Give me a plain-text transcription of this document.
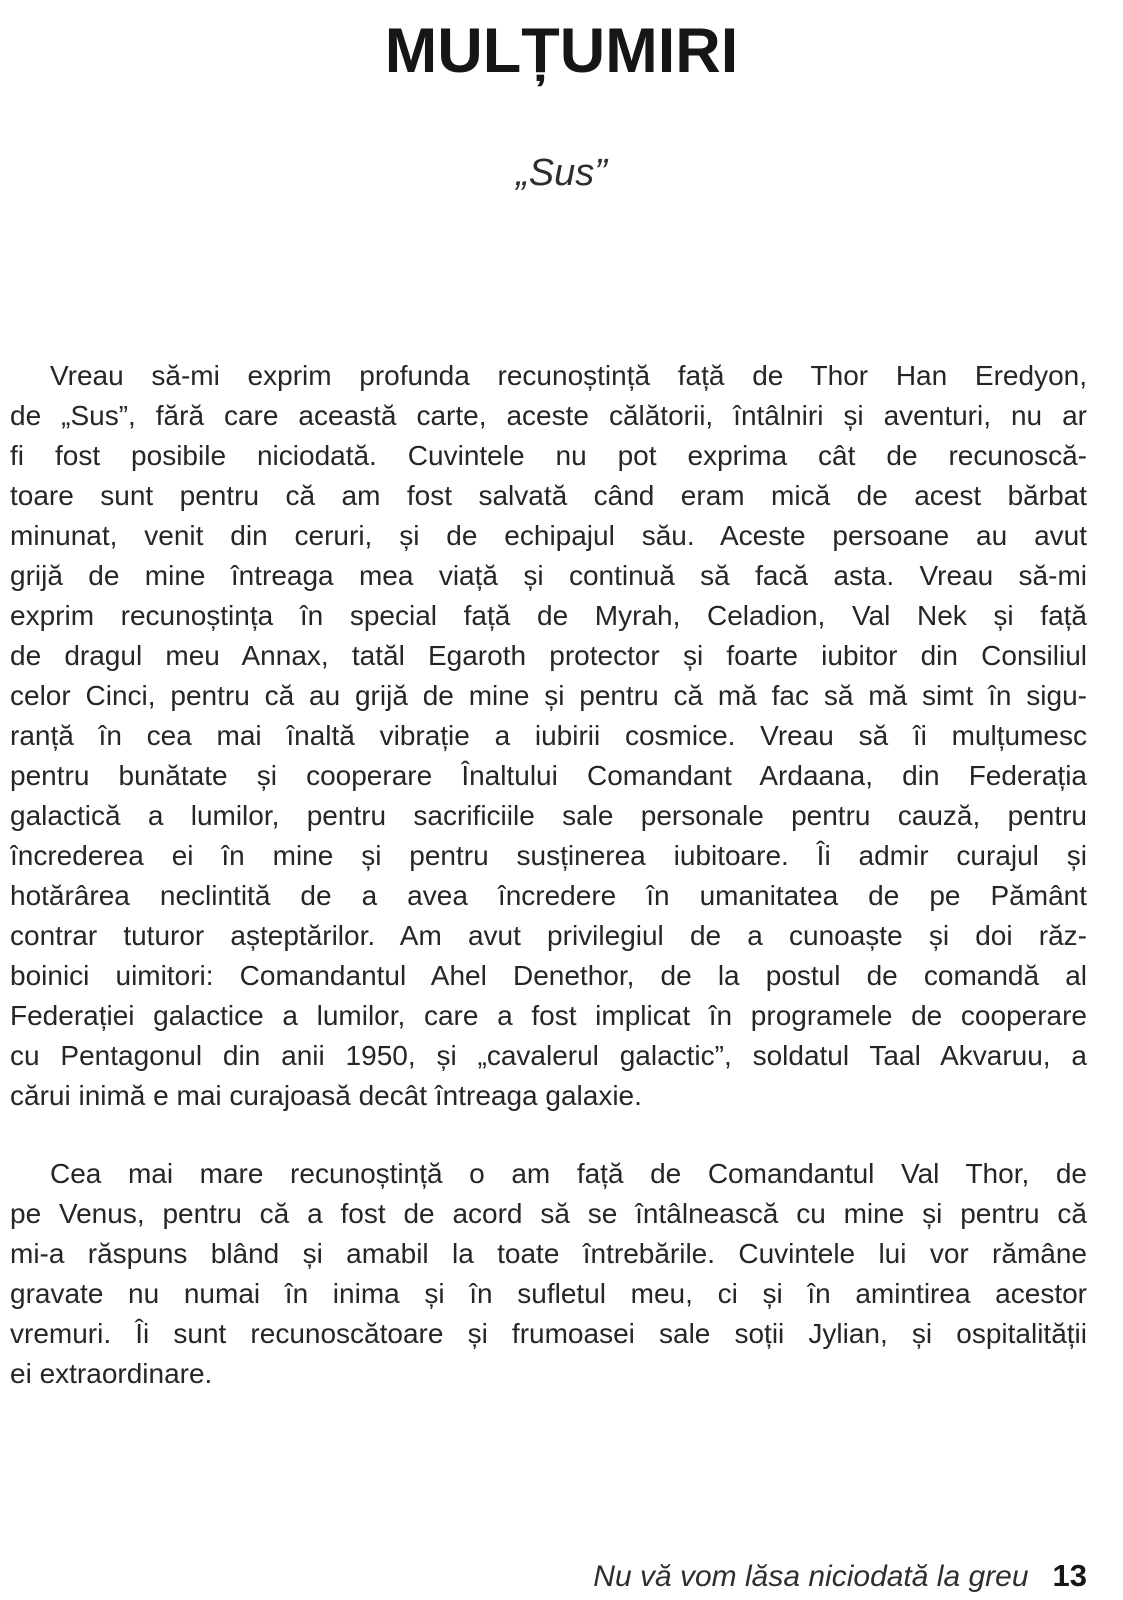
MULȚUMIRI
„Sus”
Vreau să-mi exprim profunda recunoștință față de Thor Han Eredyon,
de „Sus”, fără care această carte, aceste călătorii, întâlniri și aventuri, nu ar
fi fost posibile niciodată. Cuvintele nu pot exprima cât de recunoscă-
toare sunt pentru că am fost salvată când eram mică de acest bărbat
minunat, venit din ceruri, și de echipajul său. Aceste persoane au avut
grijă de mine întreaga mea viață și continuă să facă asta. Vreau să-mi
exprim recunoștința în special față de Myrah, Celadion, Val Nek și față
de dragul meu Annax, tatăl Egaroth protector și foarte iubitor din Consiliul
celor Cinci, pentru că au grijă de mine și pentru că mă fac să mă simt în sigu-
ranță în cea mai înaltă vibrație a iubirii cosmice. Vreau să îi mulțumesc
pentru bunătate și cooperare Înaltului Comandant Ardaana, din Federația
galactică a lumilor, pentru sacrificiile sale personale pentru cauză, pentru
încrederea ei în mine și pentru susținerea iubitoare. Îi admir curajul și
hotărârea neclintită de a avea încredere în umanitatea de pe Pământ
contrar tuturor așteptărilor. Am avut privilegiul de a cunoaște și doi răz-
boinici uimitori: Comandantul Ahel Denethor, de la postul de comandă al
Federației galactice a lumilor, care a fost implicat în programele de cooperare
cu Pentagonul din anii 1950, și „cavalerul galactic”, soldatul Taal Akvaruu, a
cărui inimă e mai curajoasă decât întreaga galaxie.
Cea mai mare recunoștință o am față de Comandantul Val Thor, de
pe Venus, pentru că a fost de acord să se întâlnească cu mine și pentru că
mi-a răspuns blând și amabil la toate întrebările. Cuvintele lui vor rămâne
gravate nu numai în inima și în sufletul meu, ci și în amintirea acestor
vremuri. Îi sunt recunoscătoare și frumoasei sale soții Jylian, și ospitalității
ei extraordinare.
Nu vă vom lăsa niciodată la greu 13
